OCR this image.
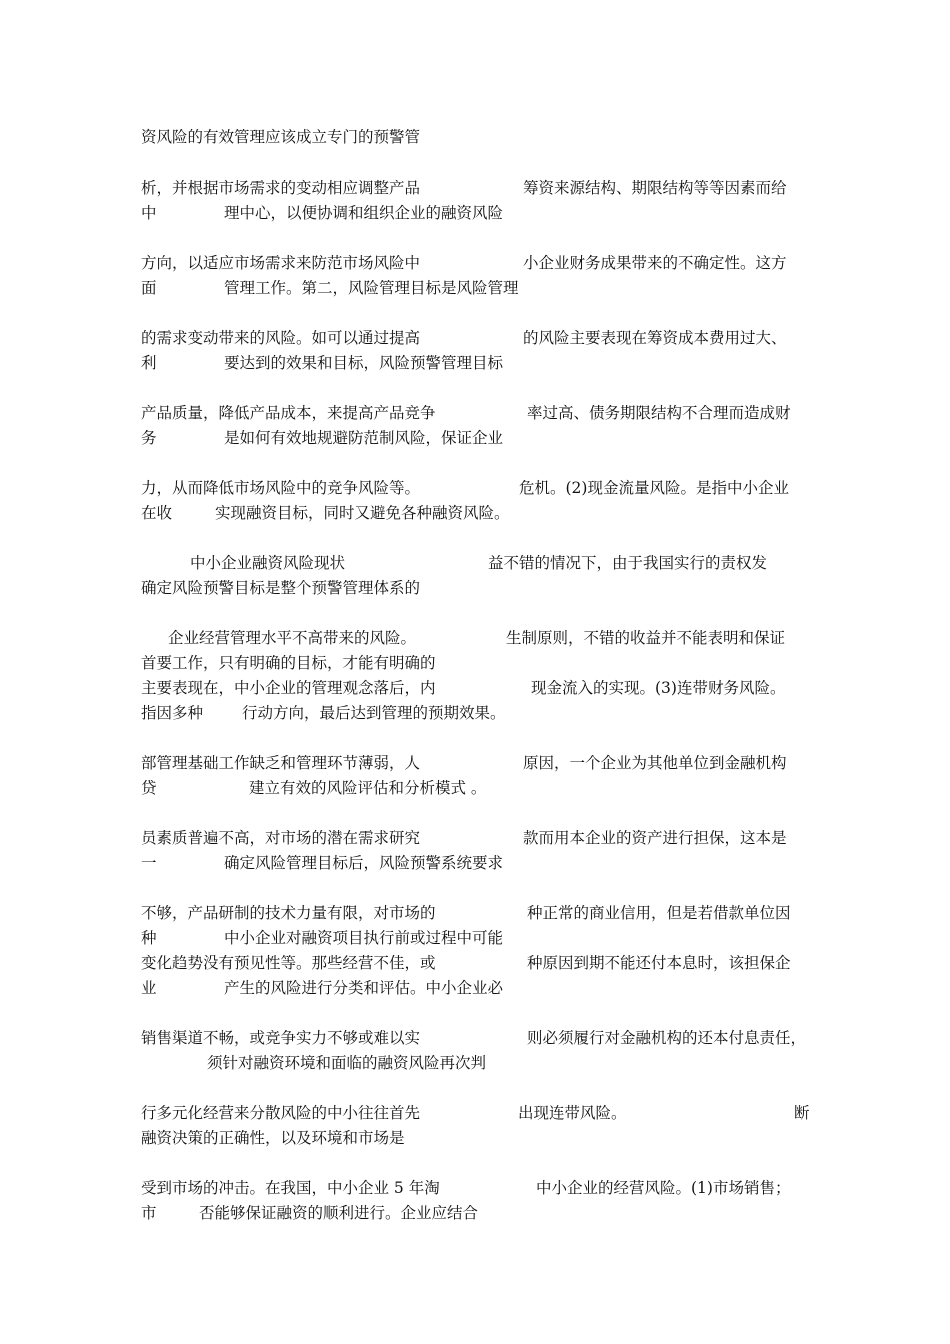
资风险的有效管理应该成立专门的预警管

析，并根据市场需求的变动相应调整产品	筹资来源结构、期限结构等等因素而给

中	理中心，以便协调和组织企业的融资风险

方向，以适应市场需求来防范市场风险中	小企业财务成果带来的不确定性。这方

面	管理工作。第二，风险管理目标是风险管理

的需求变动带来的风险。如可以通过提高	的风险主要表现在筹资成本费用过大、

利	要达到的效果和目标，风险预警管理目标

产品质量，降低产品成本，来提高产品竞争	率过高、债务期限结构不合理而造成财

务	是如何有效地规避防范制风险，保证企业

力，从而降低市场风险中的竞争风险等。	危机。(2)现金流量风险。是指中小企业

在收	实现融资目标，同时又避免各种融资风险。

中小企业融资风险现状	益不错的情况下，由于我国实行的责权发

确定风险预警目标是整个预警管理体系的

企业经营管理水平不高带来的风险。	生制原则，不错的收益并不能表明和保证

首要工作，只有明确的目标，才能有明确的

主要表现在，中小企业的管理观念落后，内	现金流入的实现。(3)连带财务风险。

指因多种	行动方向，最后达到管理的预期效果。

部管理基础工作缺乏和管理环节薄弱，人	原因，一个企业为其他单位到金融机构

贷	建立有效的风险评估和分析模式 。

员素质普遍不高，对市场的潜在需求研究	款而用本企业的资产进行担保，这本是

一	确定风险管理目标后，风险预警系统要求

不够，产品研制的技术力量有限，对市场的	种正常的商业信用，但是若借款单位因

种	中小企业对融资项目执行前或过程中可能

变化趋势没有预见性等。那些经营不佳，或	种原因到期不能还付本息时，该担保企

业	产生的风险进行分类和评估。中小企业必

销售渠道不畅，或竞争实力不够或难以实	则必须履行对金融机构的还本付息责任，

须针对融资环境和面临的融资风险再次判

行多元化经营来分散风险的中小往往首先	出现连带风险。	断

融资决策的正确性，以及环境和市场是

受到市场的冲击。在我国，中小企业 5 年淘	中小企业的经营风险。(1)市场销售；

市	否能够保证融资的顺利进行。企业应结合
